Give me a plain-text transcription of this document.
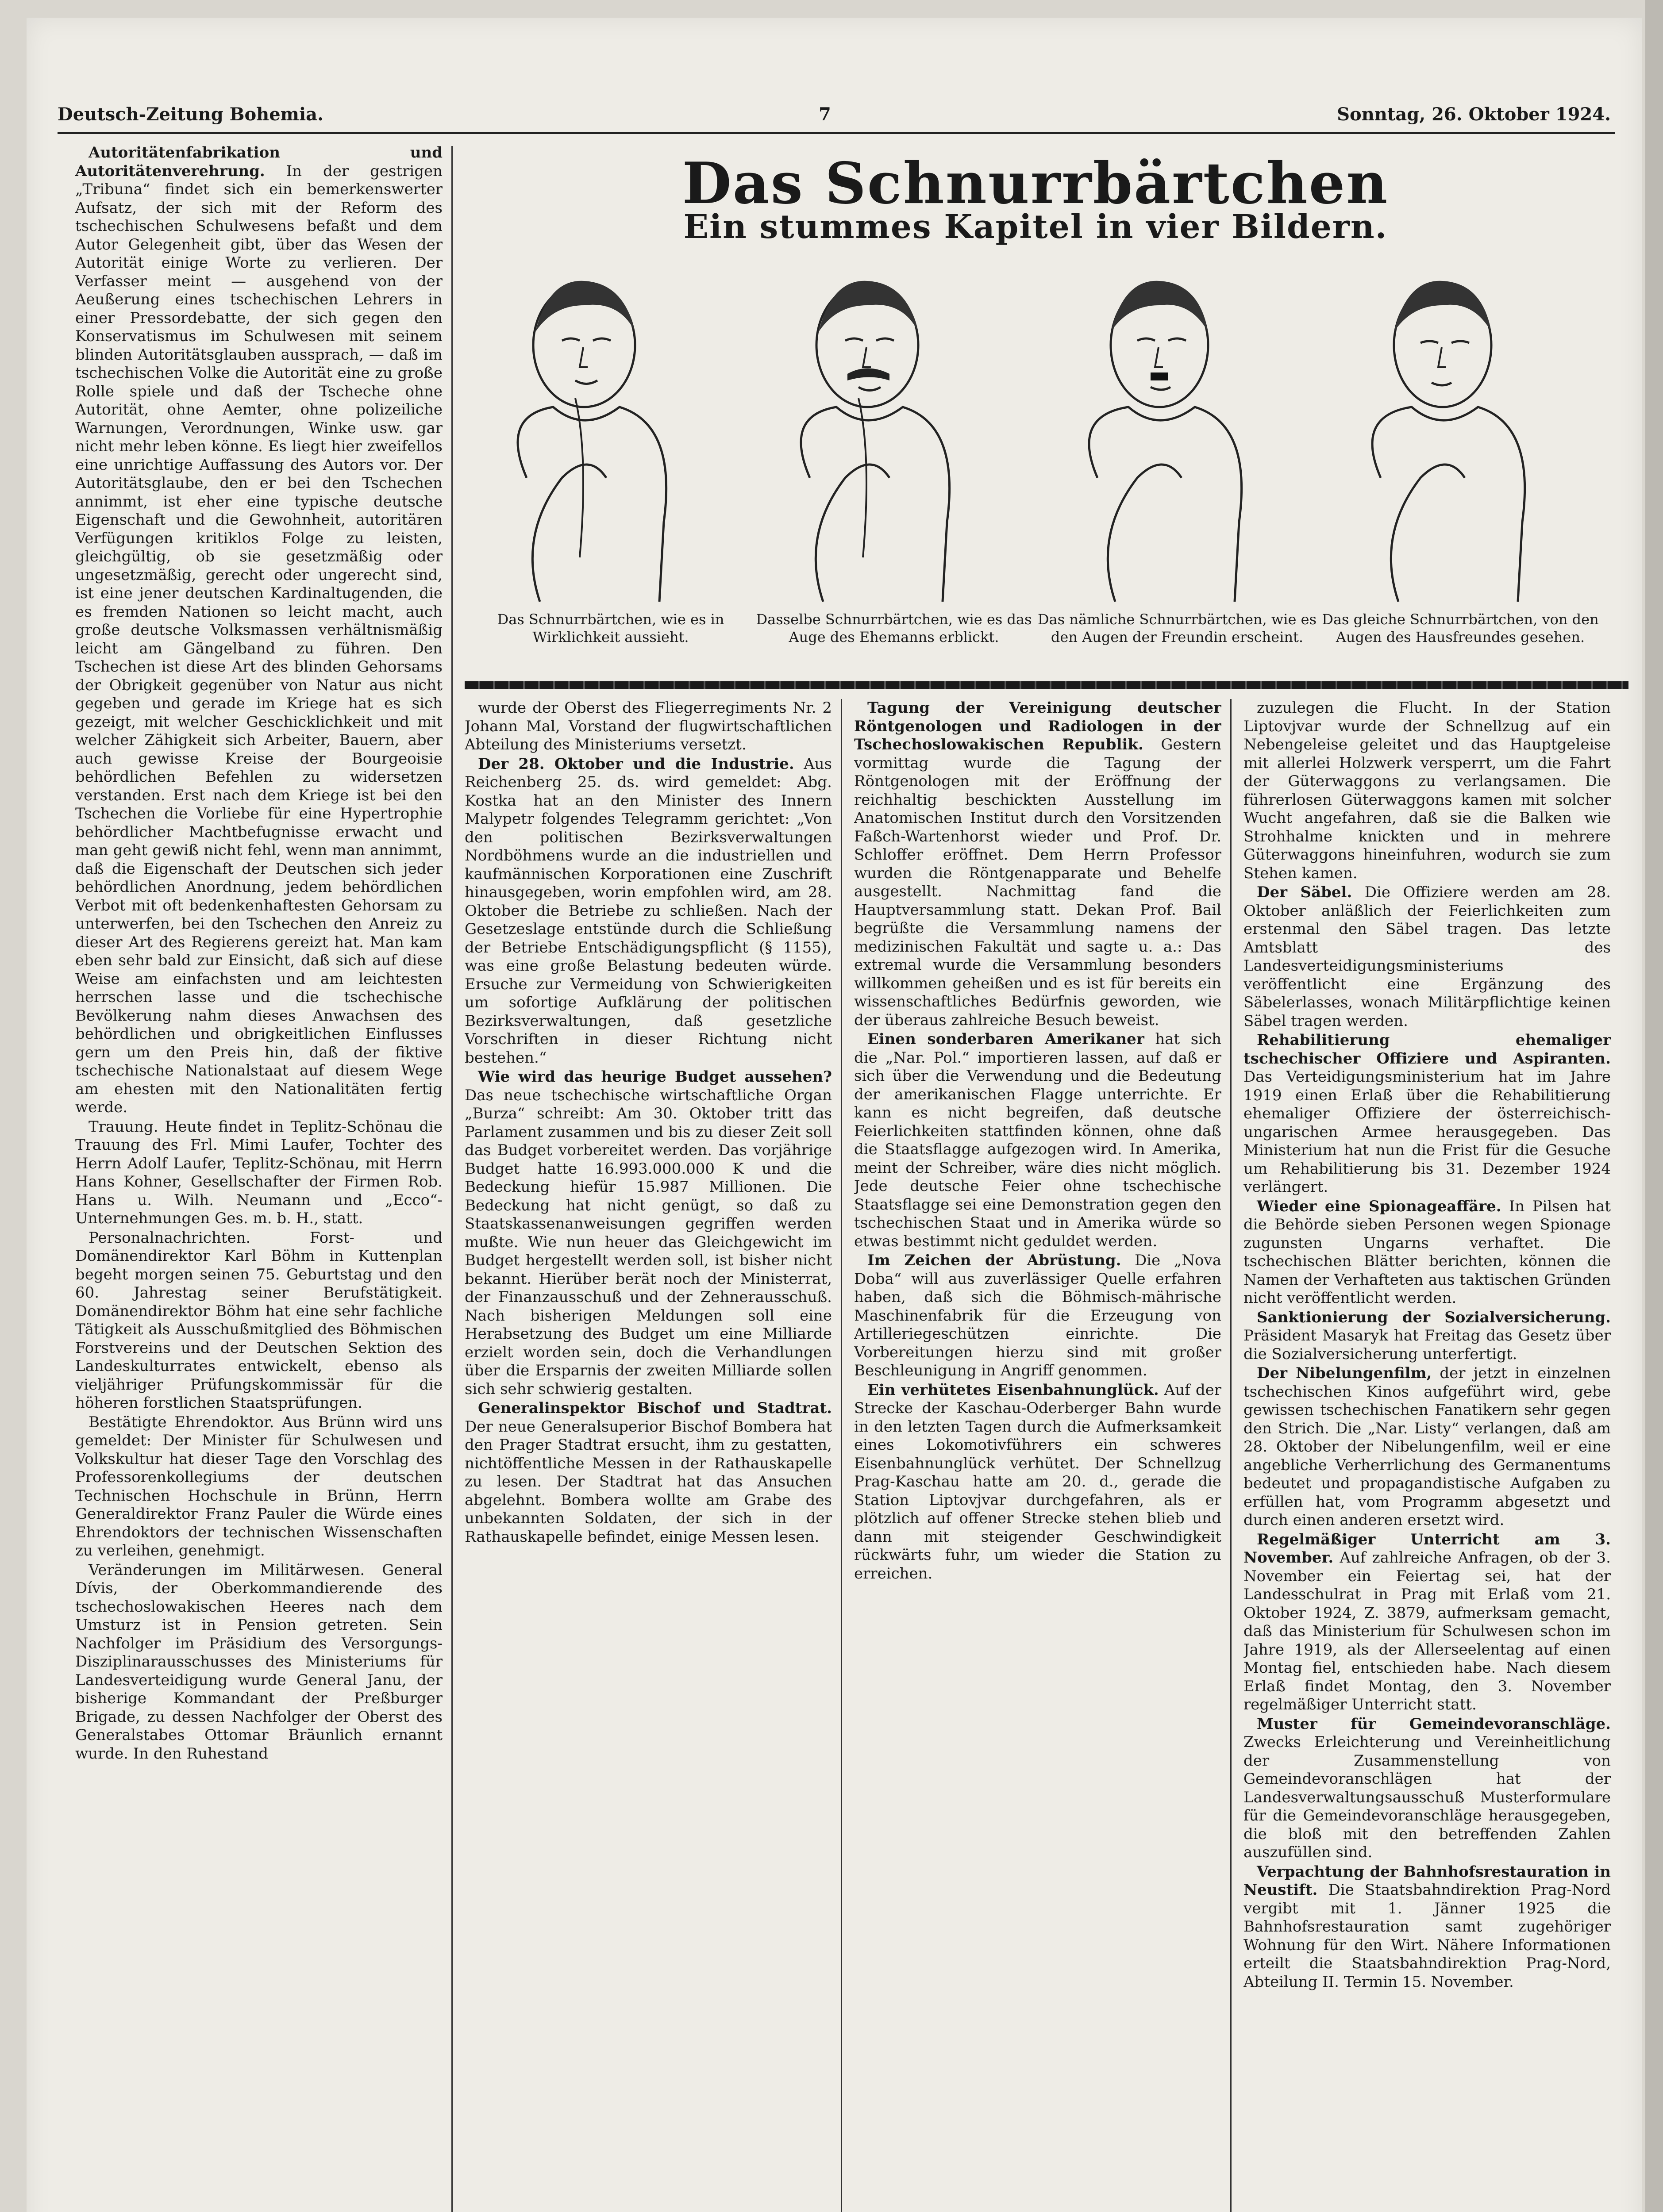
Deutsch-Zeitung Bohemia.	7	Sonntag, 26. Oktober 1924.

Autoritätenfabrikation und Autoritätenverehrung. In der gestrigen „Tribuna“ findet sich ein bemerkenswerter Aufsatz, der sich mit der Reform des tschechischen Schulwesens befaßt und dem Autor Gelegenheit gibt, über das Wesen der Autorität einige Worte zu verlieren. Der Verfasser meint — ausgehend von der Aeußerung eines tschechischen Lehrers in einer Pressordebatte, der sich gegen den Konservatismus im Schulwesen mit seinem blinden Autoritätsglauben aussprach, — daß im tschechischen Volke die Autorität eine zu große Rolle spiele und daß der Tscheche ohne Autorität, ohne Aemter, ohne polizeiliche Warnungen, Verordnungen, Winke usw. gar nicht mehr leben könne. Es liegt hier zweifellos eine unrichtige Auffassung des Autors vor. Der Autoritätsglaube, den er bei den Tschechen annimmt, ist eher eine typische deutsche Eigenschaft und die Gewohnheit, autoritären Verfügungen kritiklos Folge zu leisten, gleichgültig, ob sie gesetzmäßig oder ungesetzmäßig, gerecht oder ungerecht sind, ist eine jener deutschen Kardinaltugenden, die es fremden Nationen so leicht macht, auch große deutsche Volksmassen verhältnismäßig leicht am Gängelband zu führen. Den Tschechen ist diese Art des blinden Gehorsams der Obrigkeit gegenüber von Natur aus nicht gegeben und gerade im Kriege hat es sich gezeigt, mit welcher Geschicklichkeit und mit welcher Zähigkeit sich Arbeiter, Bauern, aber auch gewisse Kreise der Bourgeoisie behördlichen Befehlen zu widersetzen verstanden. Erst nach dem Kriege ist bei den Tschechen die Vorliebe für eine Hypertrophie behördlicher Machtbefugnisse erwacht und man geht gewiß nicht fehl, wenn man annimmt, daß die Eigenschaft der Deutschen sich jeder behördlichen Anordnung, jedem behördlichen Verbot mit oft bedenkenhaftesten Gehorsam zu unterwerfen, bei den Tschechen den Anreiz zu dieser Art des Regierens gereizt hat. Man kam eben sehr bald zur Einsicht, daß sich auf diese Weise am einfachsten und am leichtesten herrschen lasse und die tschechische Bevölkerung nahm dieses Anwachsen des behördlichen und obrigkeitlichen Einflusses gern um den Preis hin, daß der fiktive tschechische Nationalstaat auf diesem Wege am ehesten mit den Nationalitäten fertig werde.

Trauung. Heute findet in Teplitz-Schönau die Trauung des Frl. Mimi Laufer, Tochter des Herrn Adolf Laufer, Teplitz-Schönau, mit Herrn Hans Kohner, Gesellschafter der Firmen Rob. Hans u. Wilh. Neumann und „Ecco“-Unternehmungen Ges. m. b. H., statt.

Personalnachrichten. Forst- und Domänendirektor Karl Böhm in Kuttenplan begeht morgen seinen 75. Geburtstag und den 60. Jahrestag seiner Berufstätigkeit. Domänendirektor Böhm hat eine sehr fachliche Tätigkeit als Ausschußmitglied des Böhmischen Forstvereins und der Deutschen Sektion des Landeskulturrates entwickelt, ebenso als vieljähriger Prüfungskommissär für die höheren forstlichen Staatsprüfungen.

Bestätigte Ehrendoktor. Aus Brünn wird uns gemeldet: Der Minister für Schulwesen und Volkskultur hat dieser Tage den Vorschlag des Professorenkollegiums der deutschen Technischen Hochschule in Brünn, Herrn Generaldirektor Franz Pauler die Würde eines Ehrendoktors der technischen Wissenschaften zu verleihen, genehmigt.

Veränderungen im Militärwesen. General Dívis, der Oberkommandierende des tschechoslowakischen Heeres nach dem Umsturz ist in Pension getreten. Sein Nachfolger im Präsidium des Versorgungs-Disziplinarausschusses des Ministeriums für Landesverteidigung wurde General Janu, der bisherige Kommandant der Preßburger Brigade, zu dessen Nachfolger der Oberst des Generalstabes Ottomar Bräunlich ernannt wurde. In den Ruhestand

Das Schnurrbärtchen
Ein stummes Kapitel in vier Bildern.
Das Schnurrbärtchen, wie es in Wirklichkeit aussieht.
Dasselbe Schnurrbärtchen, wie es das Auge des Ehemanns erblickt.
Das nämliche Schnurrbärtchen, wie es den Augen der Freundin erscheint.
Das gleiche Schnurrbärtchen, von den Augen des Hausfreundes gesehen.

wurde der Oberst des Fliegerregiments Nr. 2 Johann Mal, Vorstand der flugwirtschaftlichen Abteilung des Ministeriums versetzt.

Der 28. Oktober und die Industrie. Aus Reichenberg 25. ds. wird gemeldet: Abg. Kostka hat an den Minister des Innern Malypetr folgendes Telegramm gerichtet: „Von den politischen Bezirksverwaltungen Nordböhmens wurde an die industriellen und kaufmännischen Korporationen eine Zuschrift hinausgegeben, worin empfohlen wird, am 28. Oktober die Betriebe zu schließen. Nach der Gesetzeslage entstünde durch die Schließung der Betriebe Entschädigungspflicht (§ 1155), was eine große Belastung bedeuten würde. Ersuche zur Vermeidung von Schwierigkeiten um sofortige Aufklärung der politischen Bezirksverwaltungen, daß gesetzliche Vorschriften in dieser Richtung nicht bestehen.“

Wie wird das heurige Budget aussehen? Das neue tschechische wirtschaftliche Organ „Burza“ schreibt: Am 30. Oktober tritt das Parlament zusammen und bis zu dieser Zeit soll das Budget vorbereitet werden. Das vorjährige Budget hatte 16.993.000.000 K und die Bedeckung hiefür 15.987 Millionen. Die Bedeckung hat nicht genügt, so daß zu Staatskassenanweisungen gegriffen werden mußte. Wie nun heuer das Gleichgewicht im Budget hergestellt werden soll, ist bisher nicht bekannt. Hierüber berät noch der Ministerrat, der Finanzausschuß und der Zehnerausschuß. Nach bisherigen Meldungen soll eine Herabsetzung des Budget um eine Milliarde erzielt worden sein, doch die Verhandlungen über die Ersparnis der zweiten Milliarde sollen sich sehr schwierig gestalten.

Generalinspektor Bischof und Stadtrat. Der neue Generalsuperior Bischof Bombera hat den Prager Stadtrat ersucht, ihm zu gestatten, nichtöffentliche Messen in der Rathauskapelle zu lesen. Der Stadtrat hat das Ansuchen abgelehnt. Bombera wollte am Grabe des unbekannten Soldaten, der sich in der Rathauskapelle befindet, einige Messen lesen.

Tagung der Vereinigung deutscher Röntgenologen und Radiologen in der Tschechoslowakischen Republik. Gestern vormittag wurde die Tagung der Röntgenologen mit der Eröffnung der reichhaltig beschickten Ausstellung im Anatomischen Institut durch den Vorsitzenden Faßch-Wartenhorst wieder und Prof. Dr. Schloffer eröffnet. Dem Herrn Professor wurden die Röntgenapparate und Behelfe ausgestellt. Nachmittag fand die Hauptversammlung statt. Dekan Prof. Bail begrüßte die Versammlung namens der medizinischen Fakultät und sagte u. a.: Das extremal wurde die Versammlung besonders willkommen geheißen und es ist für bereits ein wissenschaftliches Bedürfnis geworden, wie der überaus zahlreiche Besuch beweist.

Einen sonderbaren Amerikaner hat sich die „Nar. Pol.“ importieren lassen, auf daß er sich über die Verwendung und die Bedeutung der amerikanischen Flagge unterrichte. Er kann es nicht begreifen, daß deutsche Feierlichkeiten stattfinden können, ohne daß die Staatsflagge aufgezogen wird. In Amerika, meint der Schreiber, wäre dies nicht möglich. Jede deutsche Feier ohne tschechische Staatsflagge sei eine Demonstration gegen den tschechischen Staat und in Amerika würde so etwas bestimmt nicht geduldet werden.

Im Zeichen der Abrüstung. Die „Nova Doba“ will aus zuverlässiger Quelle erfahren haben, daß sich die Böhmisch-mährische Maschinenfabrik für die Erzeugung von Artilleriegeschützen einrichte. Die Vorbereitungen hierzu sind mit großer Beschleunigung in Angriff genommen.

Ein verhütetes Eisenbahnunglück. Auf der Strecke der Kaschau-Oderberger Bahn wurde in den letzten Tagen durch die Aufmerksamkeit eines Lokomotivführers ein schweres Eisenbahnunglück verhütet. Der Schnellzug Prag-Kaschau hatte am 20. d., gerade die Station Liptovjvar durchgefahren, als er plötzlich auf offener Strecke stehen blieb und dann mit steigender Geschwindigkeit rückwärts fuhr, um wieder die Station zu erreichen.

zuzulegen die Flucht. In der Station Liptovjvar wurde der Schnellzug auf ein Nebengeleise geleitet und das Hauptgeleise mit allerlei Holzwerk versperrt, um die Fahrt der Güterwaggons zu verlangsamen. Die führerlosen Güterwaggons kamen mit solcher Wucht angefahren, daß sie die Balken wie Strohhalme knickten und in mehrere Güterwaggons hineinfuhren, wodurch sie zum Stehen kamen.

Der Säbel. Die Offiziere werden am 28. Oktober anläßlich der Feierlichkeiten zum erstenmal den Säbel tragen. Das letzte Amtsblatt des Landesverteidigungsministeriums veröffentlicht eine Ergänzung des Säbelerlasses, wonach Militärpflichtige keinen Säbel tragen werden.

Rehabilitierung ehemaliger tschechischer Offiziere und Aspiranten. Das Verteidigungsministerium hat im Jahre 1919 einen Erlaß über die Rehabilitierung ehemaliger Offiziere der österreichisch-ungarischen Armee herausgegeben. Das Ministerium hat nun die Frist für die Gesuche um Rehabilitierung bis 31. Dezember 1924 verlängert.

Wieder eine Spionageaffäre. In Pilsen hat die Behörde sieben Personen wegen Spionage zugunsten Ungarns verhaftet. Die tschechischen Blätter berichten, können die Namen der Verhafteten aus taktischen Gründen nicht veröffentlicht werden.

Sanktionierung der Sozialversicherung. Präsident Masaryk hat Freitag das Gesetz über die Sozialversicherung unterfertigt.

Der Nibelungenfilm, der jetzt in einzelnen tschechischen Kinos aufgeführt wird, gebe gewissen tschechischen Fanatikern sehr gegen den Strich. Die „Nar. Listy“ verlangen, daß am 28. Oktober der Nibelungenfilm, weil er eine angebliche Verherrlichung des Germanentums bedeutet und propagandistische Aufgaben zu erfüllen hat, vom Programm abgesetzt und durch einen anderen ersetzt wird.

Regelmäßiger Unterricht am 3. November. Auf zahlreiche Anfragen, ob der 3. November ein Feiertag sei, hat der Landesschulrat in Prag mit Erlaß vom 21. Oktober 1924, Z. 3879, aufmerksam gemacht, daß das Ministerium für Schulwesen schon im Jahre 1919, als der Allerseelentag auf einen Montag fiel, entschieden habe. Nach diesem Erlaß findet Montag, den 3. November regelmäßiger Unterricht statt.

Muster für Gemeindevoranschläge. Zwecks Erleichterung und Vereinheitlichung der Zusammenstellung von Gemeindevoranschlägen hat der Landesverwaltungsausschuß Musterformulare für die Gemeindevoranschläge herausgegeben, die bloß mit den betreffenden Zahlen auszufüllen sind.

Verpachtung der Bahnhofsrestauration in Neustift. Die Staatsbahndirektion Prag-Nord vergibt mit 1. Jänner 1925 die Bahnhofsrestauration samt zugehöriger Wohnung für den Wirt. Nähere Informationen erteilt die Staatsbahndirektion Prag-Nord, Abteilung II. Termin 15. November.
